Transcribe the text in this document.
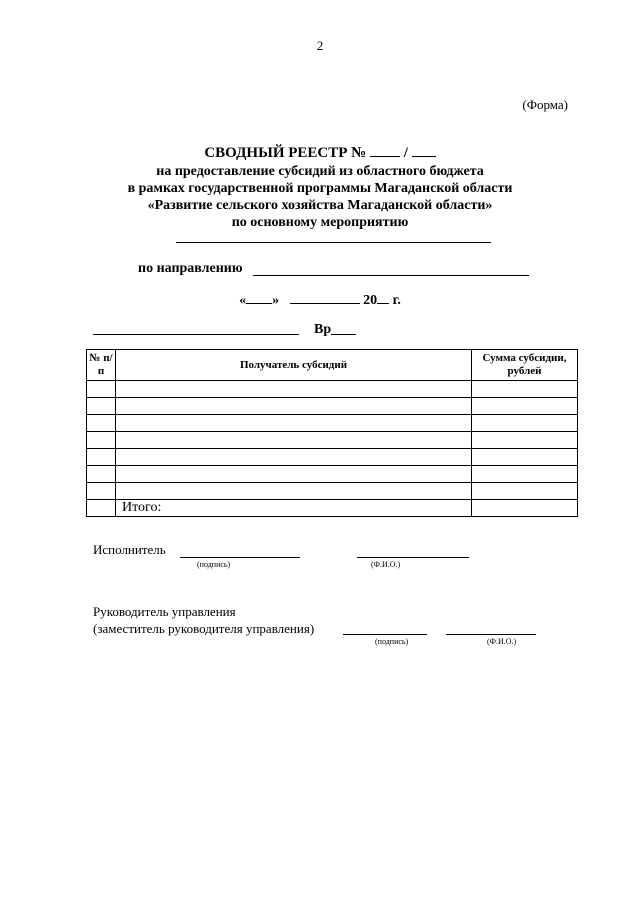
2
(Форма)
СВОДНЫЙ РЕЕСТР №	/
на предоставление субсидий из областного бюджета
в рамках государственной программы Магаданской области
«Развитие сельского хозяйства Магаданской области»
по основному мероприятию
по направлению
« »	20 г.
Вр
№ п/п	Получатель субсидий	Сумма субсидии, рублей

	Итого:	
Исполнитель
(подпись)	(Ф.И.О.)
Руководитель управления
(заместитель руководителя управления)
(подпись)	(Ф.И.О.)
